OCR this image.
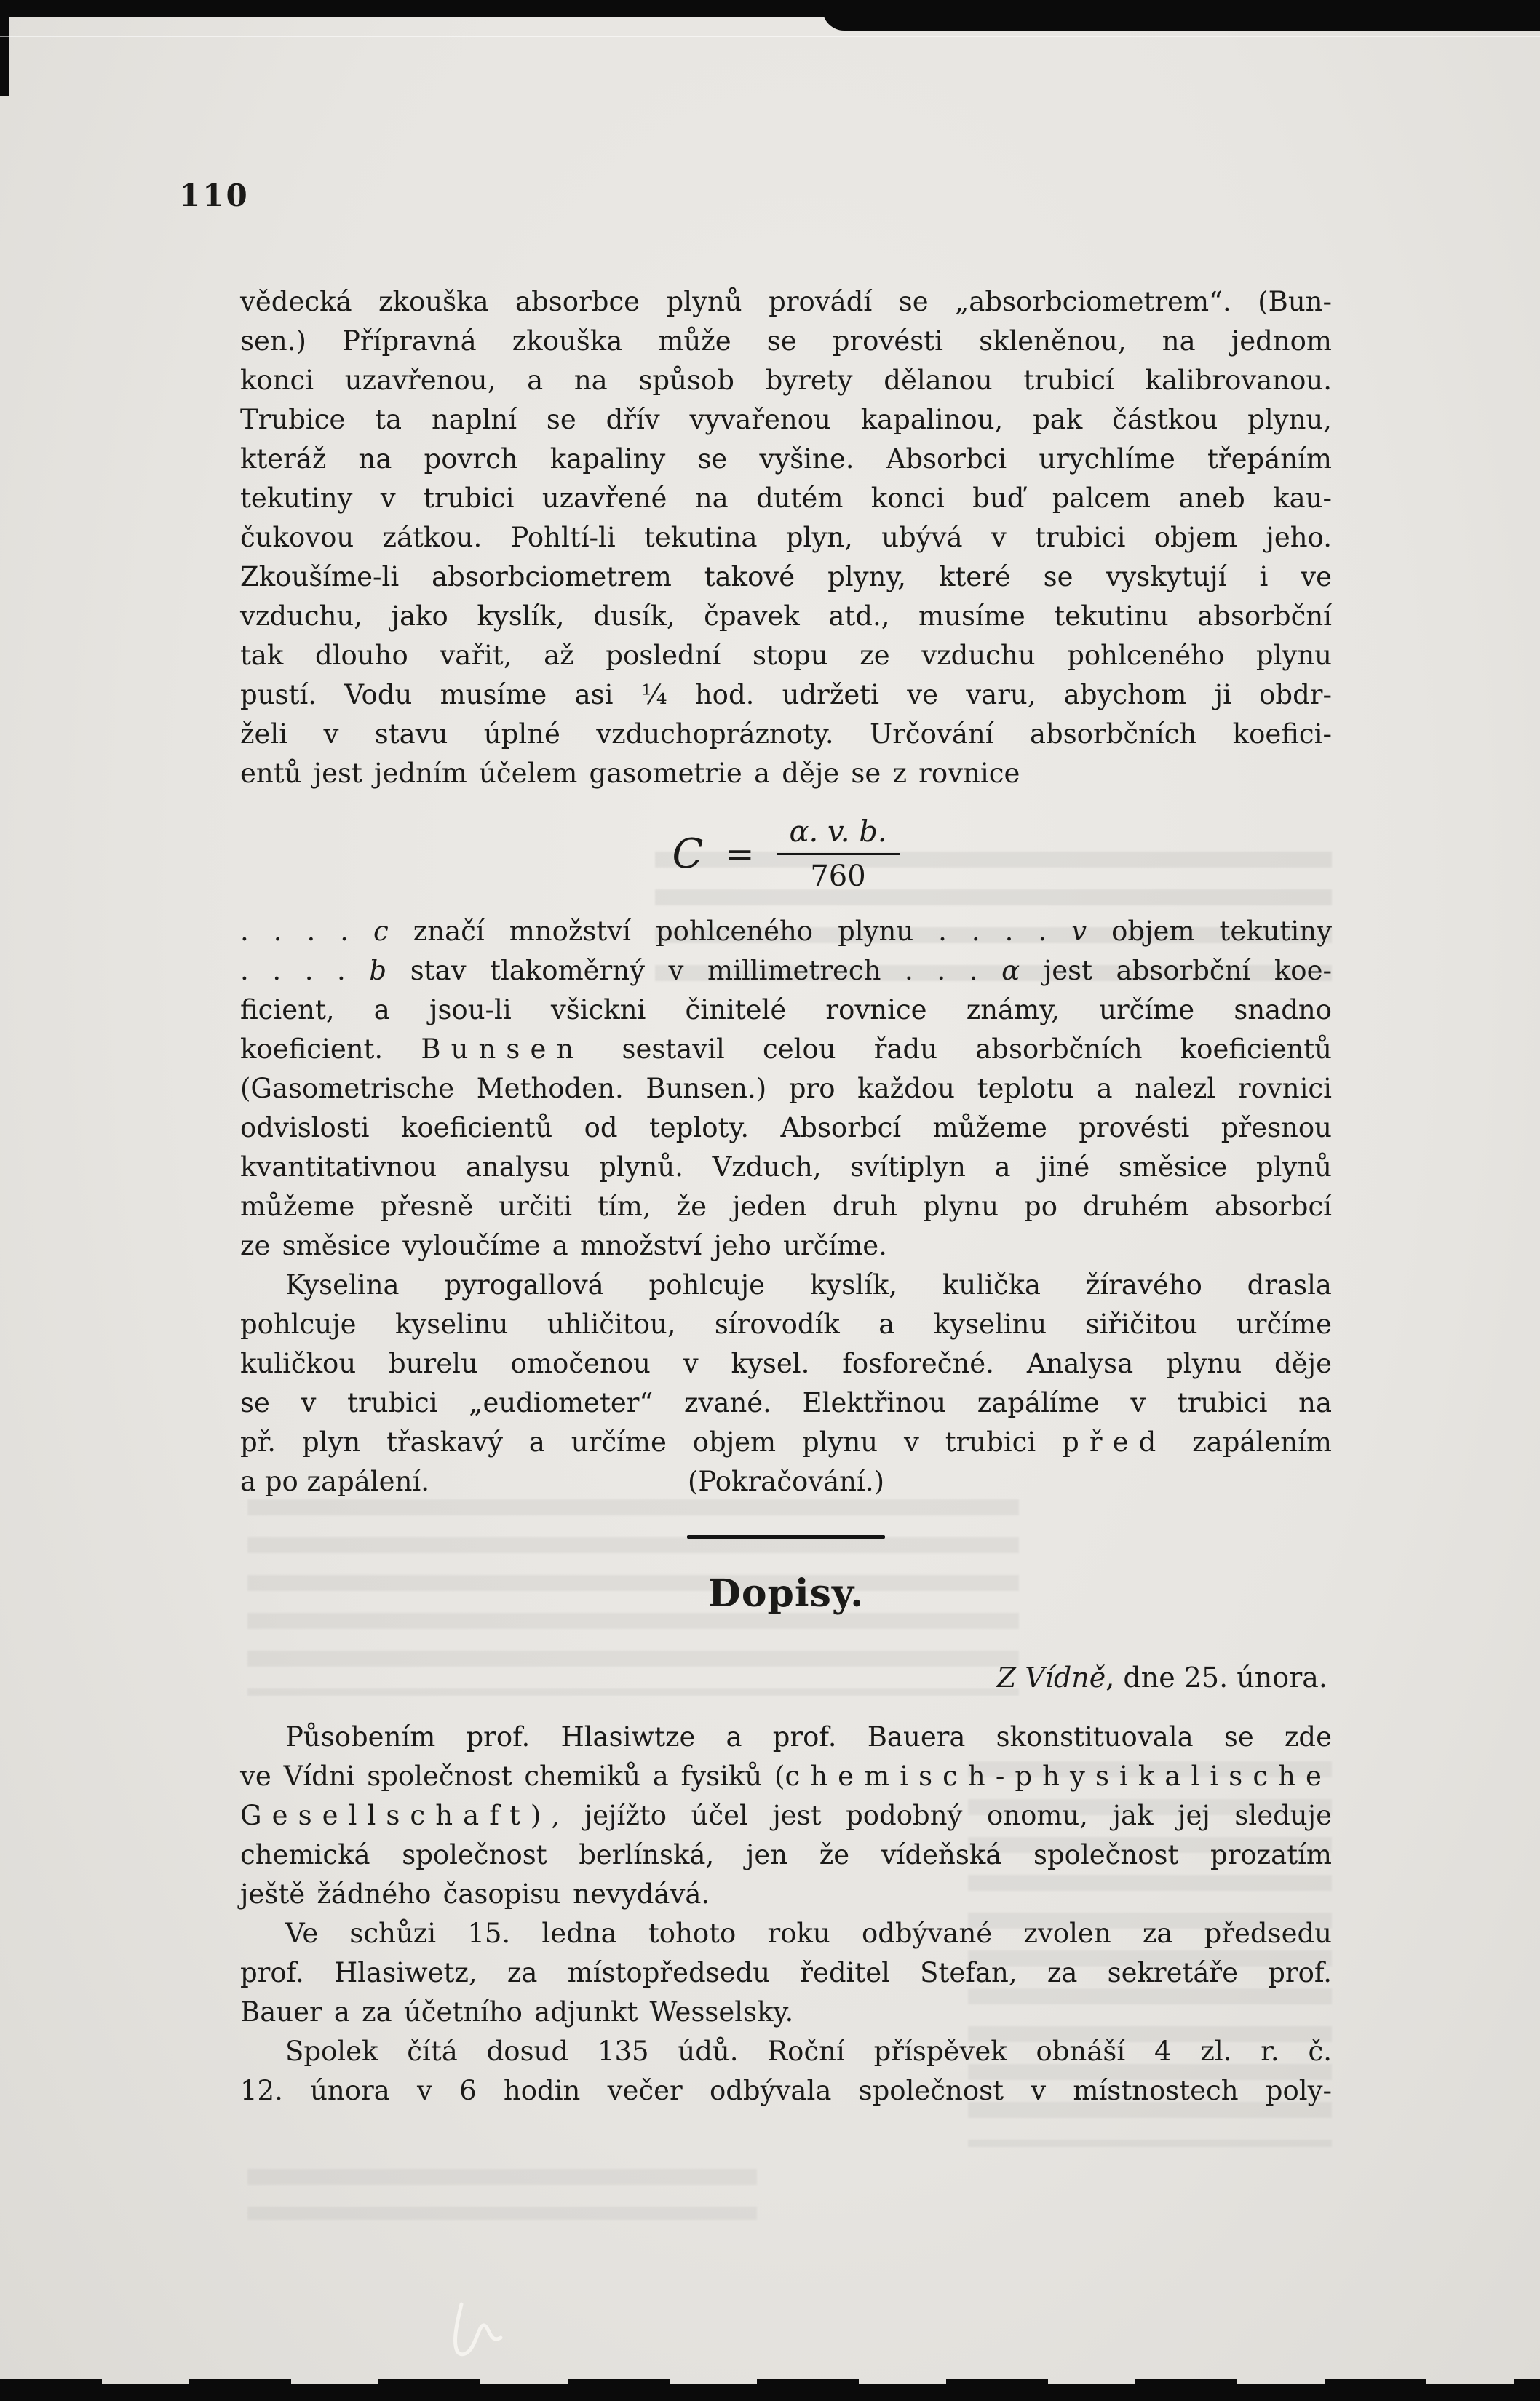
110
vědecká zkouška absorbce plynů provádí se „absorbciometrem“. (Bun-
sen.) Přípravná zkouška může se provésti skleněnou, na jednom
konci uzavřenou, a na spůsob byrety dělanou trubicí kalibrovanou.
Trubice ta naplní se dřív vyvařenou kapalinou, pak částkou plynu,
kteráž na povrch kapaliny se vyšine. Absorbci urychlíme třepáním
tekutiny v trubici uzavřené na dutém konci buď palcem aneb kau-
čukovou zátkou. Pohltí-li tekutina plyn, ubývá v trubici objem jeho.
Zkoušíme-li absorbciometrem takové plyny, které se vyskytují i ve
vzduchu, jako kyslík, dusík, čpavek atd., musíme tekutinu absorbční
tak dlouho vařit, až poslední stopu ze vzduchu pohlceného plynu
pustí. Vodu musíme asi ¼ hod. udržeti ve varu, abychom ji obdr-
želi v stavu úplné vzduchopráznoty. Určování absorbčních koefici-
entů jest jedním účelem gasometrie a děje se z rovnice
$C = \frac{\alpha. v. b.}{760}$
. . . . c značí množství pohlceného plynu . . . . v objem tekutiny
. . . . b stav tlakoměrný v millimetrech . . . α jest absorbční koe-
ficient, a jsou-li všickni činitelé rovnice známy, určíme snadno
koeficient. Bunsen sestavil celou řadu absorbčních koeficientů
(Gasometrische Methoden. Bunsen.) pro každou teplotu a nalezl rovnici
odvislosti koeficientů od teploty. Absorbcí můžeme provésti přesnou
kvantitativnou analysu plynů. Vzduch, svítiplyn a jiné směsice plynů
můžeme přesně určiti tím, že jeden druh plynu po druhém absorbcí
ze směsice vyloučíme a množství jeho určíme.
Kyselina pyrogallová pohlcuje kyslík, kulička žíravého drasla
pohlcuje kyselinu uhličitou, sírovodík a kyselinu siřičitou určíme
kuličkou burelu omočenou v kysel. fosforečné. Analysa plynu děje
se v trubici „eudiometer“ zvané. Elektřinou zapálíme v trubici na
př. plyn třaskavý a určíme objem plynu v trubici před zapálením
a po zapálení.	(Pokračování.)
Dopisy.
Z Vídně, dne 25. února.
Působením prof. Hlasiwtze a prof. Bauera skonstituovala se zde
ve Vídni společnost chemiků a fysiků (chemisch-physikalische
Gesellschaft), jejížto účel jest podobný onomu, jak jej sleduje
chemická společnost berlínská, jen že vídeňská společnost prozatím
ještě žádného časopisu nevydává.
Ve schůzi 15. ledna tohoto roku odbývané zvolen za předsedu
prof. Hlasiwetz, za místopředsedu ředitel Stefan, za sekretáře prof.
Bauer a za účetního adjunkt Wesselsky.
Spolek čítá dosud 135 údů. Roční příspěvek obnáší 4 zl. r. č.
12. února v 6 hodin večer odbývala společnost v místnostech poly-
